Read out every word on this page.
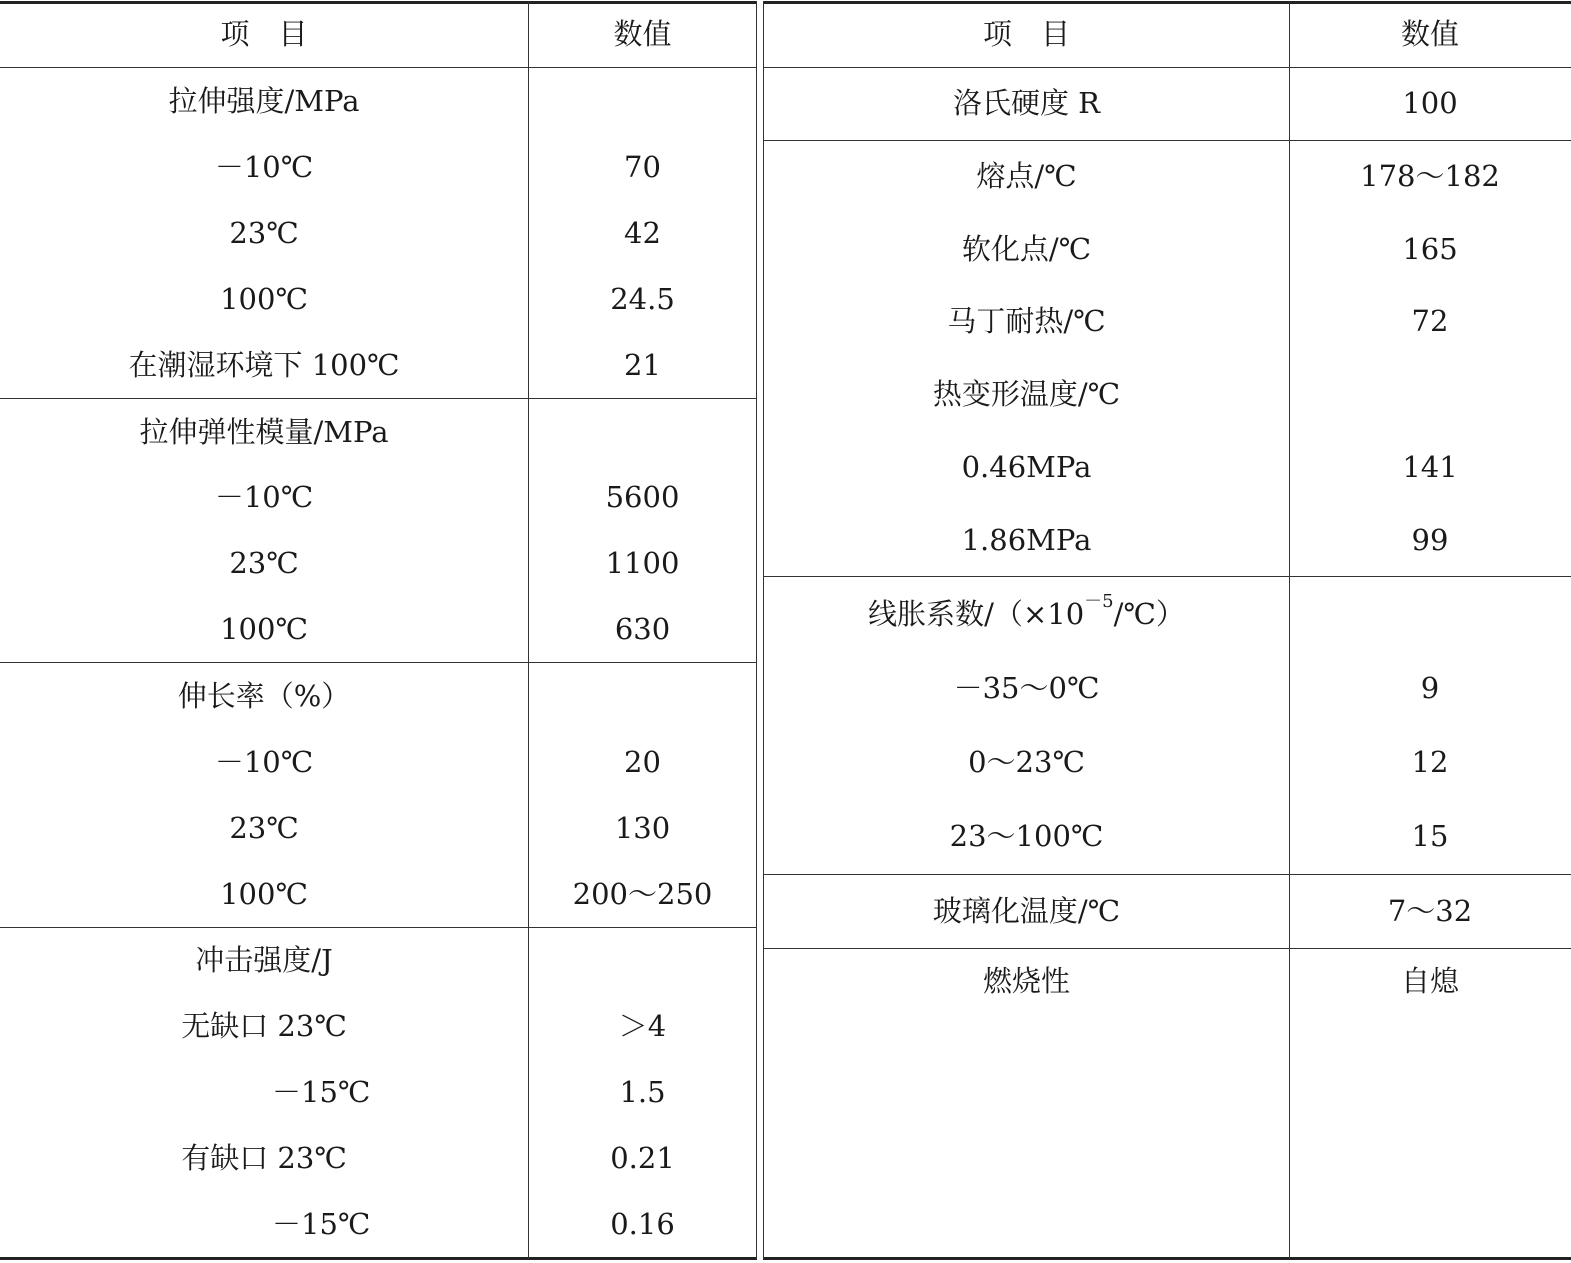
项　目	数值
拉伸强度/MPa
－10℃	70
23℃	42
100℃	24.5
在潮湿环境下 100℃	21
拉伸弹性模量/MPa
－10℃	5600
23℃	1100
100℃	630
伸长率（%）
－10℃	20
23℃	130
100℃	200～250
冲击强度/J
无缺口 23℃	＞4
－15℃	1.5
有缺口 23℃	0.21
－15℃	0.16
项　目	数值
洛氏硬度 R	100
熔点/℃	178～182
软化点/℃	165
马丁耐热/℃	72
热变形温度/℃
0.46MPa	141
1.86MPa	99
线胀系数$/(\times 10^{-5}/℃)$
－35～0℃	9
0～23℃	12
23～100℃	15
玻璃化温度/℃	7～32
燃烧性	自熄
